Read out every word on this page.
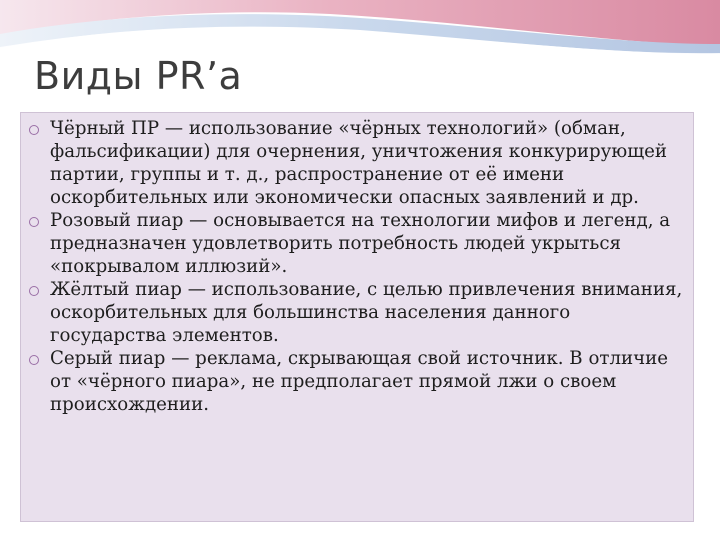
Виды PR’а
Чёрный ПР — использование «чёрных технологий» (обман, фальсификации) для очернения, уничтожения конкурирующей партии, группы и т. д., распространение от её имени оскорбительных или экономически опасных заявлений и др.
Розовый пиар — основывается на технологии мифов и легенд, а предназначен удовлетворить потребность людей укрыться «покрывалом иллюзий».
Жёлтый пиар — использование, с целью привлечения внимания, оскорбительных для большинства населения данного государства элементов.
Серый пиар — реклама, скрывающая свой источник. В отличие от «чёрного пиара», не предполагает прямой лжи о своем происхождении.
